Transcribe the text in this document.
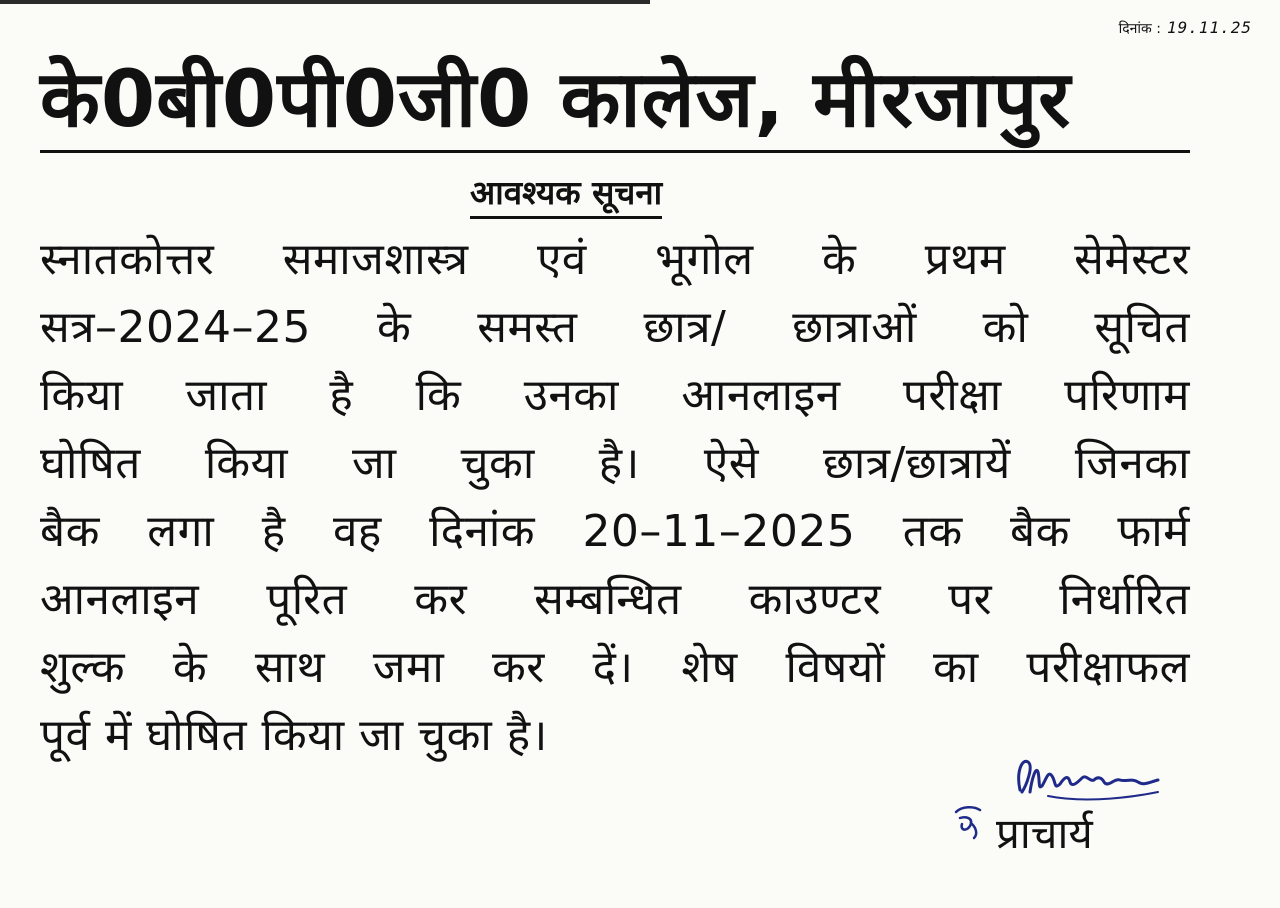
दिनांक : 19.11.25
के0बी0पी0जी0 कालेज, मीरजापुर
आवश्यक सूचना
स्नातकोत्तर समाजशास्त्र एवं भूगोल के प्रथम सेमेस्टर
सत्र–2024–25 के समस्त छात्र/ छात्राओं को सूचित
किया जाता है कि उनका आनलाइन परीक्षा परिणाम
घोषित किया जा चुका है। ऐसे छात्र/छात्रायें जिनका
बैक लगा है वह दिनांक 20–11–2025 तक बैक फार्म
आनलाइन पूरित कर सम्बन्धित काउण्टर पर निर्धारित
शुल्क के साथ जमा कर दें। शेष विषयों का परीक्षाफल
पूर्व में घोषित किया जा चुका है।

प्राचार्य
